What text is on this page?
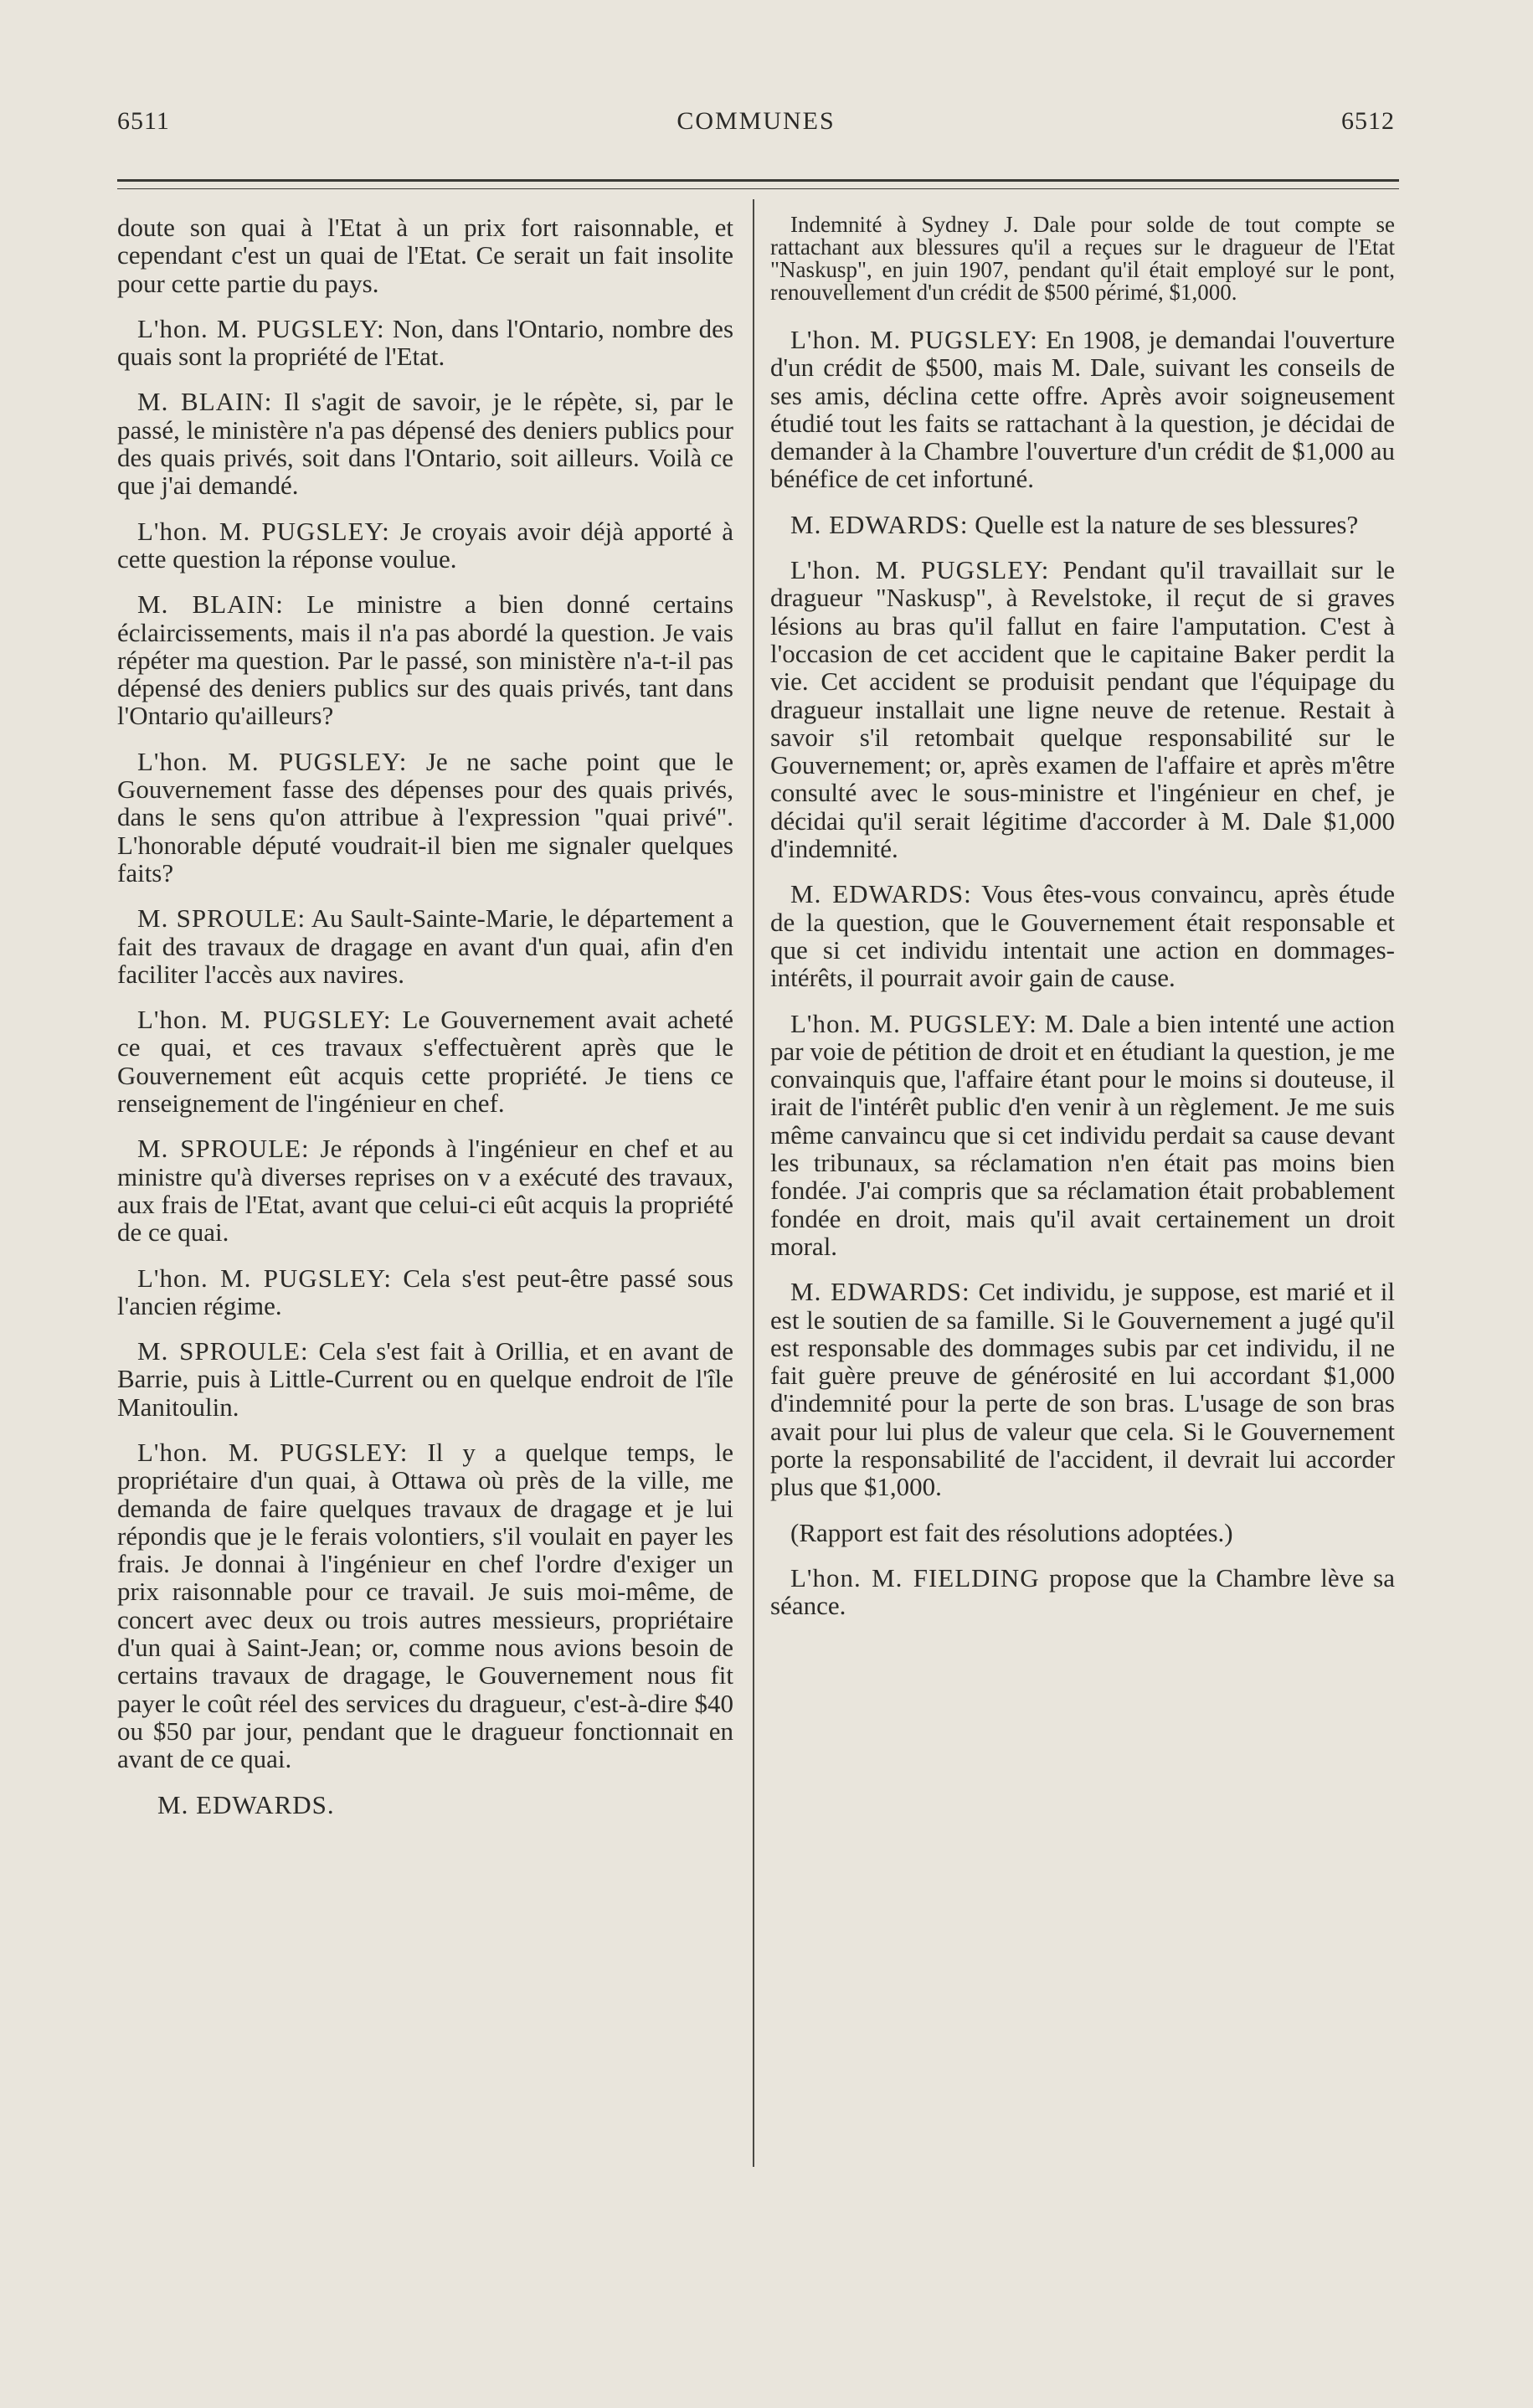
6511	COMMUNES	6512

doute son quai à l'Etat à un prix fort raisonnable, et cependant c'est un quai de l'Etat. Ce serait un fait insolite pour cette partie du pays.

L'hon. M. PUGSLEY: Non, dans l'Ontario, nombre des quais sont la propriété de l'Etat.

M. BLAIN: Il s'agit de savoir, je le répète, si, par le passé, le ministère n'a pas dépensé des deniers publics pour des quais privés, soit dans l'Ontario, soit ailleurs. Voilà ce que j'ai demandé.

L'hon. M. PUGSLEY: Je croyais avoir déjà apporté à cette question la réponse voulue.

M. BLAIN: Le ministre a bien donné certains éclaircissements, mais il n'a pas abordé la question. Je vais répéter ma question. Par le passé, son ministère n'a-t-il pas dépensé des deniers publics sur des quais privés, tant dans l'Ontario qu'ailleurs?

L'hon. M. PUGSLEY: Je ne sache point que le Gouvernement fasse des dépenses pour des quais privés, dans le sens qu'on attribue à l'expression "quai privé". L'honorable député voudrait-il bien me signaler quelques faits?

M. SPROULE: Au Sault-Sainte-Marie, le département a fait des travaux de dragage en avant d'un quai, afin d'en faciliter l'accès aux navires.

L'hon. M. PUGSLEY: Le Gouvernement avait acheté ce quai, et ces travaux s'effectuèrent après que le Gouvernement eût acquis cette propriété. Je tiens ce renseignement de l'ingénieur en chef.

M. SPROULE: Je réponds à l'ingénieur en chef et au ministre qu'à diverses reprises on v a exécuté des travaux, aux frais de l'Etat, avant que celui-ci eût acquis la propriété de ce quai.

L'hon. M. PUGSLEY: Cela s'est peut-être passé sous l'ancien régime.

M. SPROULE: Cela s'est fait à Orillia, et en avant de Barrie, puis à Little-Current ou en quelque endroit de l'île Manitoulin.

L'hon. M. PUGSLEY: Il y a quelque temps, le propriétaire d'un quai, à Ottawa où près de la ville, me demanda de faire quelques travaux de dragage et je lui répondis que je le ferais volontiers, s'il voulait en payer les frais. Je donnai à l'ingénieur en chef l'ordre d'exiger un prix raisonnable pour ce travail. Je suis moi-même, de concert avec deux ou trois autres messieurs, propriétaire d'un quai à Saint-Jean; or, comme nous avions besoin de certains travaux de dragage, le Gouvernement nous fit payer le coût réel des services du dragueur, c'est-à-dire $40 ou $50 par jour, pendant que le dragueur fonctionnait en avant de ce quai.

M. EDWARDS.

Indemnité à Sydney J. Dale pour solde de tout compte se rattachant aux blessures qu'il a reçues sur le dragueur de l'Etat "Naskusp", en juin 1907, pendant qu'il était employé sur le pont, renouvellement d'un crédit de $500 périmé, $1,000.

L'hon. M. PUGSLEY: En 1908, je demandai l'ouverture d'un crédit de $500, mais M. Dale, suivant les conseils de ses amis, déclina cette offre. Après avoir soigneusement étudié tout les faits se rattachant à la question, je décidai de demander à la Chambre l'ouverture d'un crédit de $1,000 au bénéfice de cet infortuné.

M. EDWARDS: Quelle est la nature de ses blessures?

L'hon. M. PUGSLEY: Pendant qu'il travaillait sur le dragueur "Naskusp", à Revelstoke, il reçut de si graves lésions au bras qu'il fallut en faire l'amputation. C'est à l'occasion de cet accident que le capitaine Baker perdit la vie. Cet accident se produisit pendant que l'équipage du dragueur installait une ligne neuve de retenue. Restait à savoir s'il retombait quelque responsabilité sur le Gouvernement; or, après examen de l'affaire et après m'être consulté avec le sous-ministre et l'ingénieur en chef, je décidai qu'il serait légitime d'accorder à M. Dale $1,000 d'indemnité.

M. EDWARDS: Vous êtes-vous convaincu, après étude de la question, que le Gouvernement était responsable et que si cet individu intentait une action en dommages-intérêts, il pourrait avoir gain de cause.

L'hon. M. PUGSLEY: M. Dale a bien intenté une action par voie de pétition de droit et en étudiant la question, je me convainquis que, l'affaire étant pour le moins si douteuse, il irait de l'intérêt public d'en venir à un règlement. Je me suis même canvaincu que si cet individu perdait sa cause devant les tribunaux, sa réclamation n'en était pas moins bien fondée. J'ai compris que sa réclamation était probablement fondée en droit, mais qu'il avait certainement un droit moral.

M. EDWARDS: Cet individu, je suppose, est marié et il est le soutien de sa famille. Si le Gouvernement a jugé qu'il est responsable des dommages subis par cet individu, il ne fait guère preuve de générosité en lui accordant $1,000 d'indemnité pour la perte de son bras. L'usage de son bras avait pour lui plus de valeur que cela. Si le Gouvernement porte la responsabilité de l'accident, il devrait lui accorder plus que $1,000.

(Rapport est fait des résolutions adoptées.)

L'hon. M. FIELDING propose que la Chambre lève sa séance.
